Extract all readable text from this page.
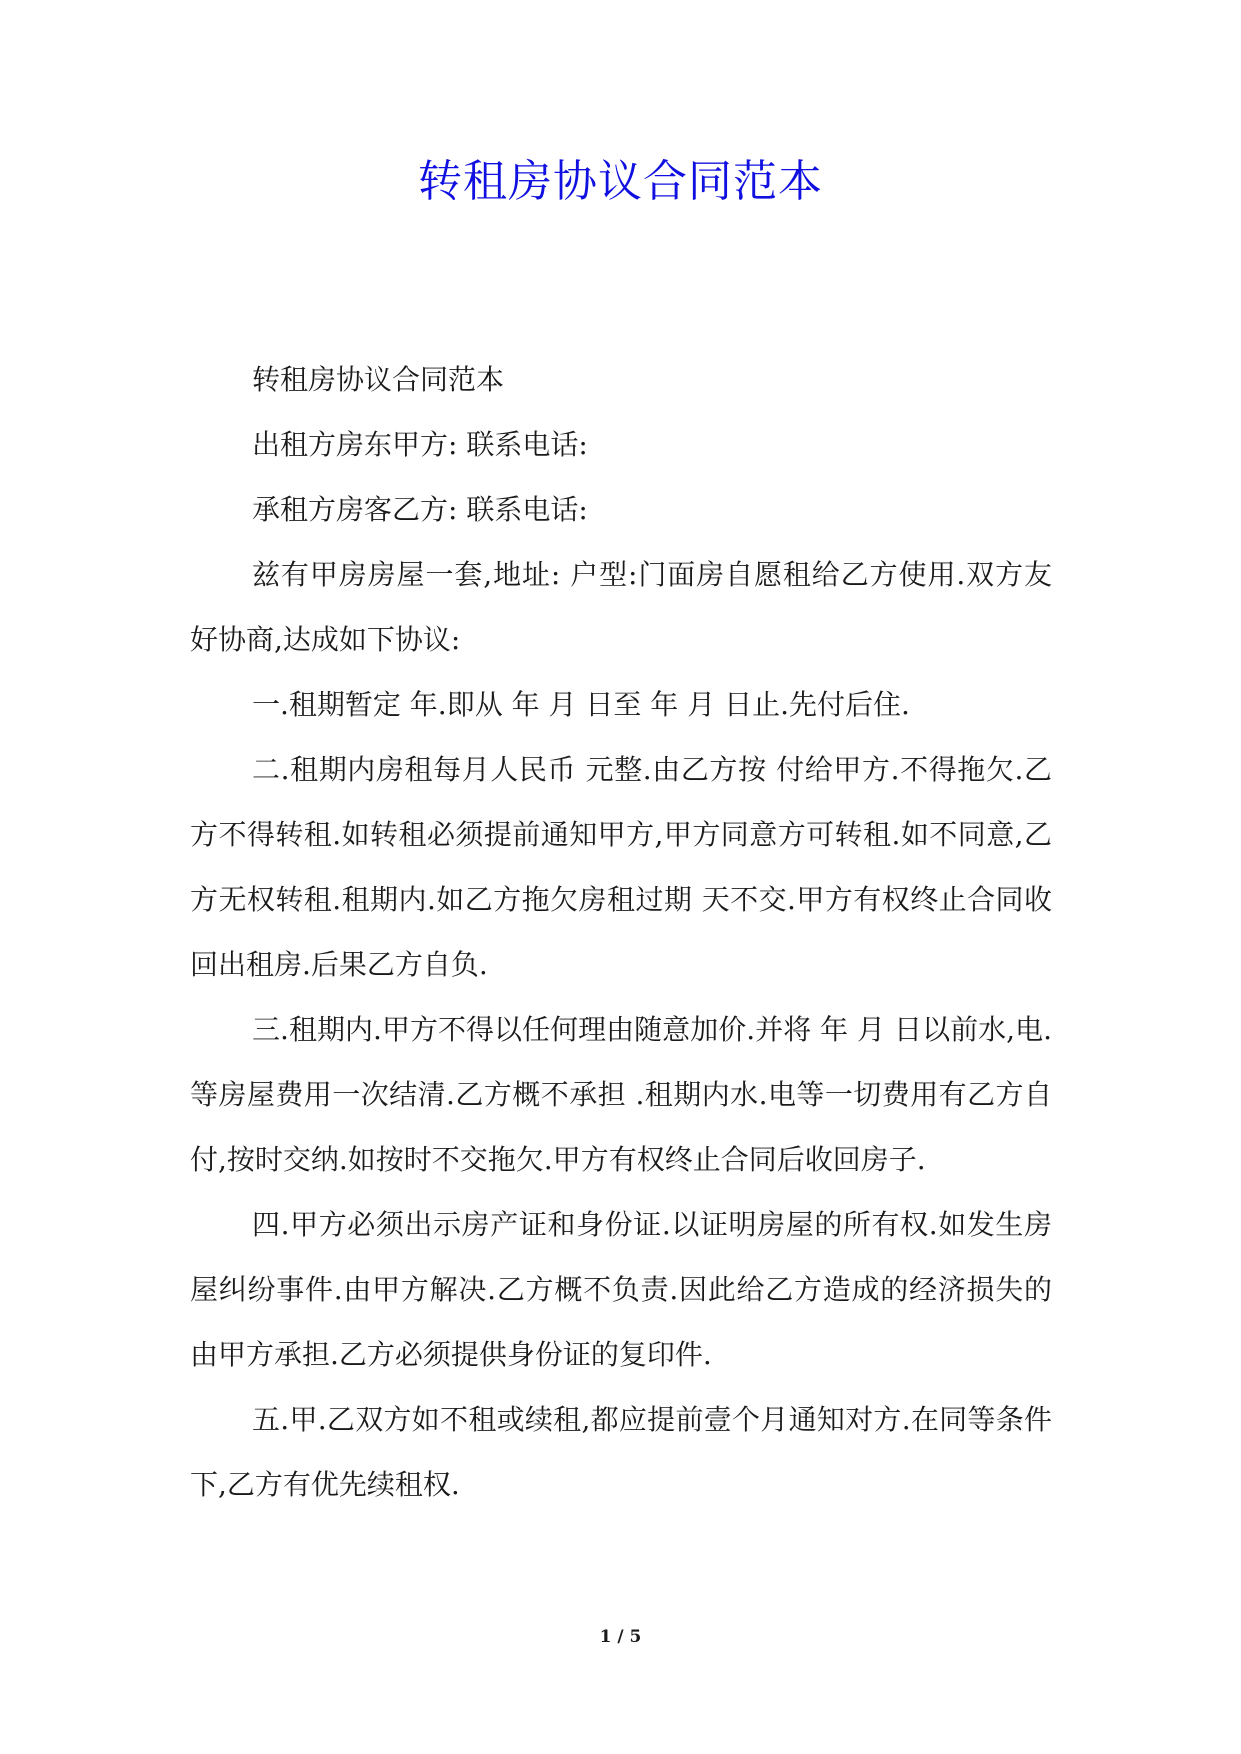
转租房协议合同范本

转租房协议合同范本

出租方房东甲方: 联系电话:

承租方房客乙方: 联系电话:

兹有甲房房屋一套,地址: 户型:门面房自愿租给乙方使用.双方友好协商,达成如下协议:

一.租期暂定 年.即从 年 月 日至 年 月 日止.先付后住.

二.租期内房租每月人民币 元整.由乙方按 付给甲方.不得拖欠.乙方不得转租.如转租必须提前通知甲方,甲方同意方可转租.如不同意,乙方无权转租.租期内.如乙方拖欠房租过期 天不交.甲方有权终止合同收回出租房.后果乙方自负.

三.租期内.甲方不得以任何理由随意加价.并将 年 月 日以前水,电.等房屋费用一次结清.乙方概不承担 .租期内水.电等一切费用有乙方自付,按时交纳.如按时不交拖欠.甲方有权终止合同后收回房子.

四.甲方必须出示房产证和身份证.以证明房屋的所有权.如发生房屋纠纷事件.由甲方解决.乙方概不负责.因此给乙方造成的经济损失的由甲方承担.乙方必须提供身份证的复印件.

五.甲.乙双方如不租或续租,都应提前壹个月通知对方.在同等条件下,乙方有优先续租权.

1 / 5
